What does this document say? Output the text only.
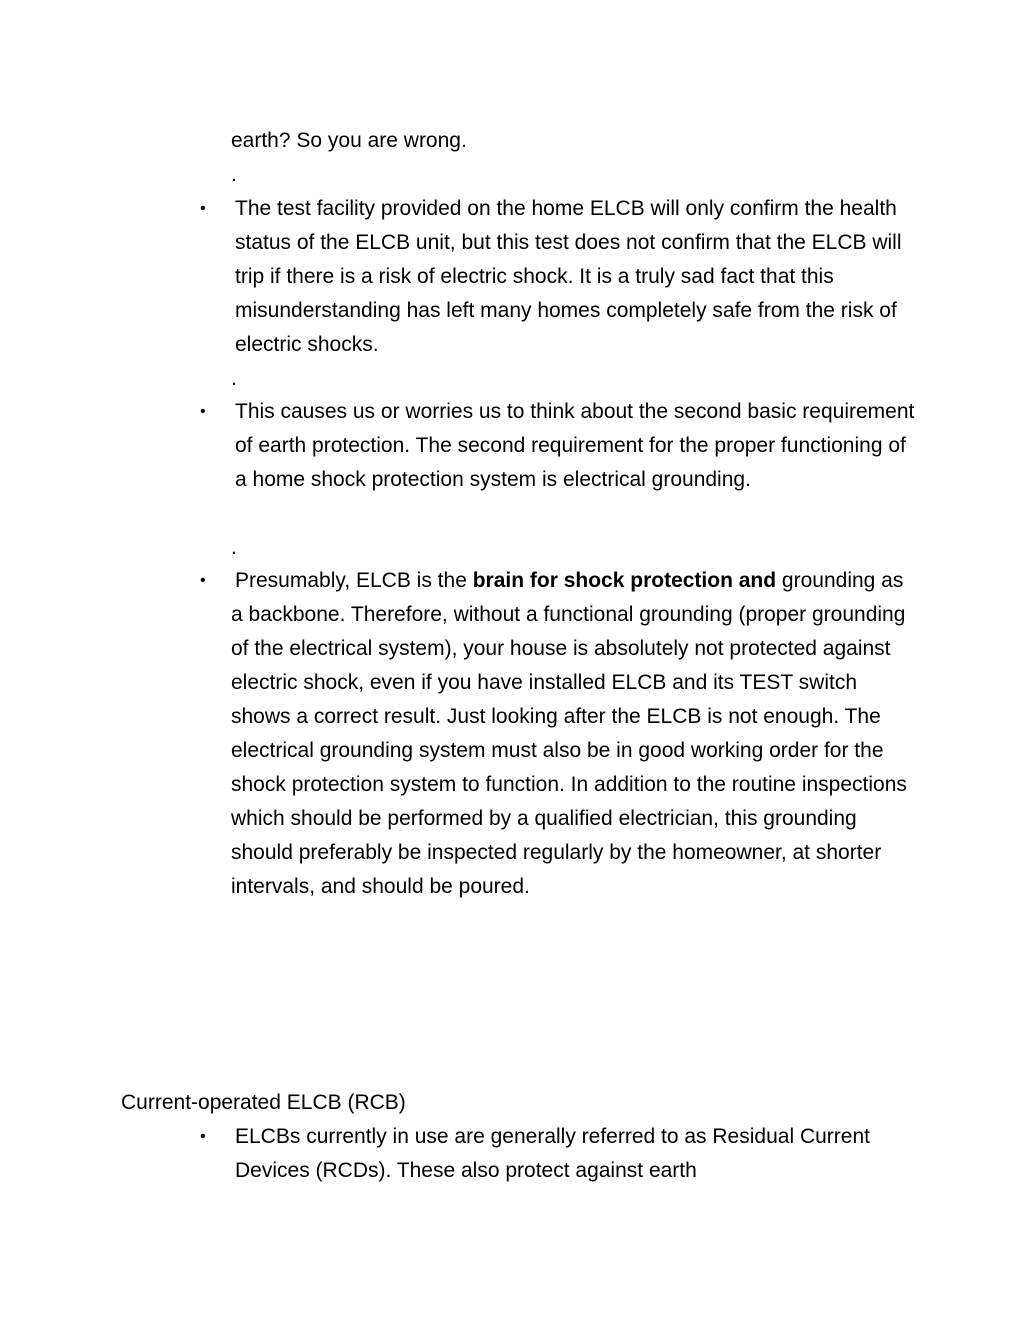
earth? So you are wrong.

.

• The test facility provided on the home ELCB will only confirm the health status of the ELCB unit, but this test does not confirm that the ELCB will trip if there is a risk of electric shock. It is a truly sad fact that this misunderstanding has left many homes completely safe from the risk of electric shocks.

.

• This causes us or worries us to think about the second basic requirement of earth protection. The second requirement for the proper functioning of a home shock protection system is electrical grounding.

.

• Presumably, ELCB is the brain for shock protection and grounding as a backbone. Therefore, without a functional grounding (proper grounding of the electrical system), your house is absolutely not protected against electric shock, even if you have installed ELCB and its TEST switch shows a correct result. Just looking after the ELCB is not enough. The electrical grounding system must also be in good working order for the shock protection system to function. In addition to the routine inspections which should be performed by a qualified electrician, this grounding should preferably be inspected regularly by the homeowner, at shorter intervals, and should be poured.
Current-operated ELCB (RCB)
• ELCBs currently in use are generally referred to as Residual Current Devices (RCDs). These also protect against earth
